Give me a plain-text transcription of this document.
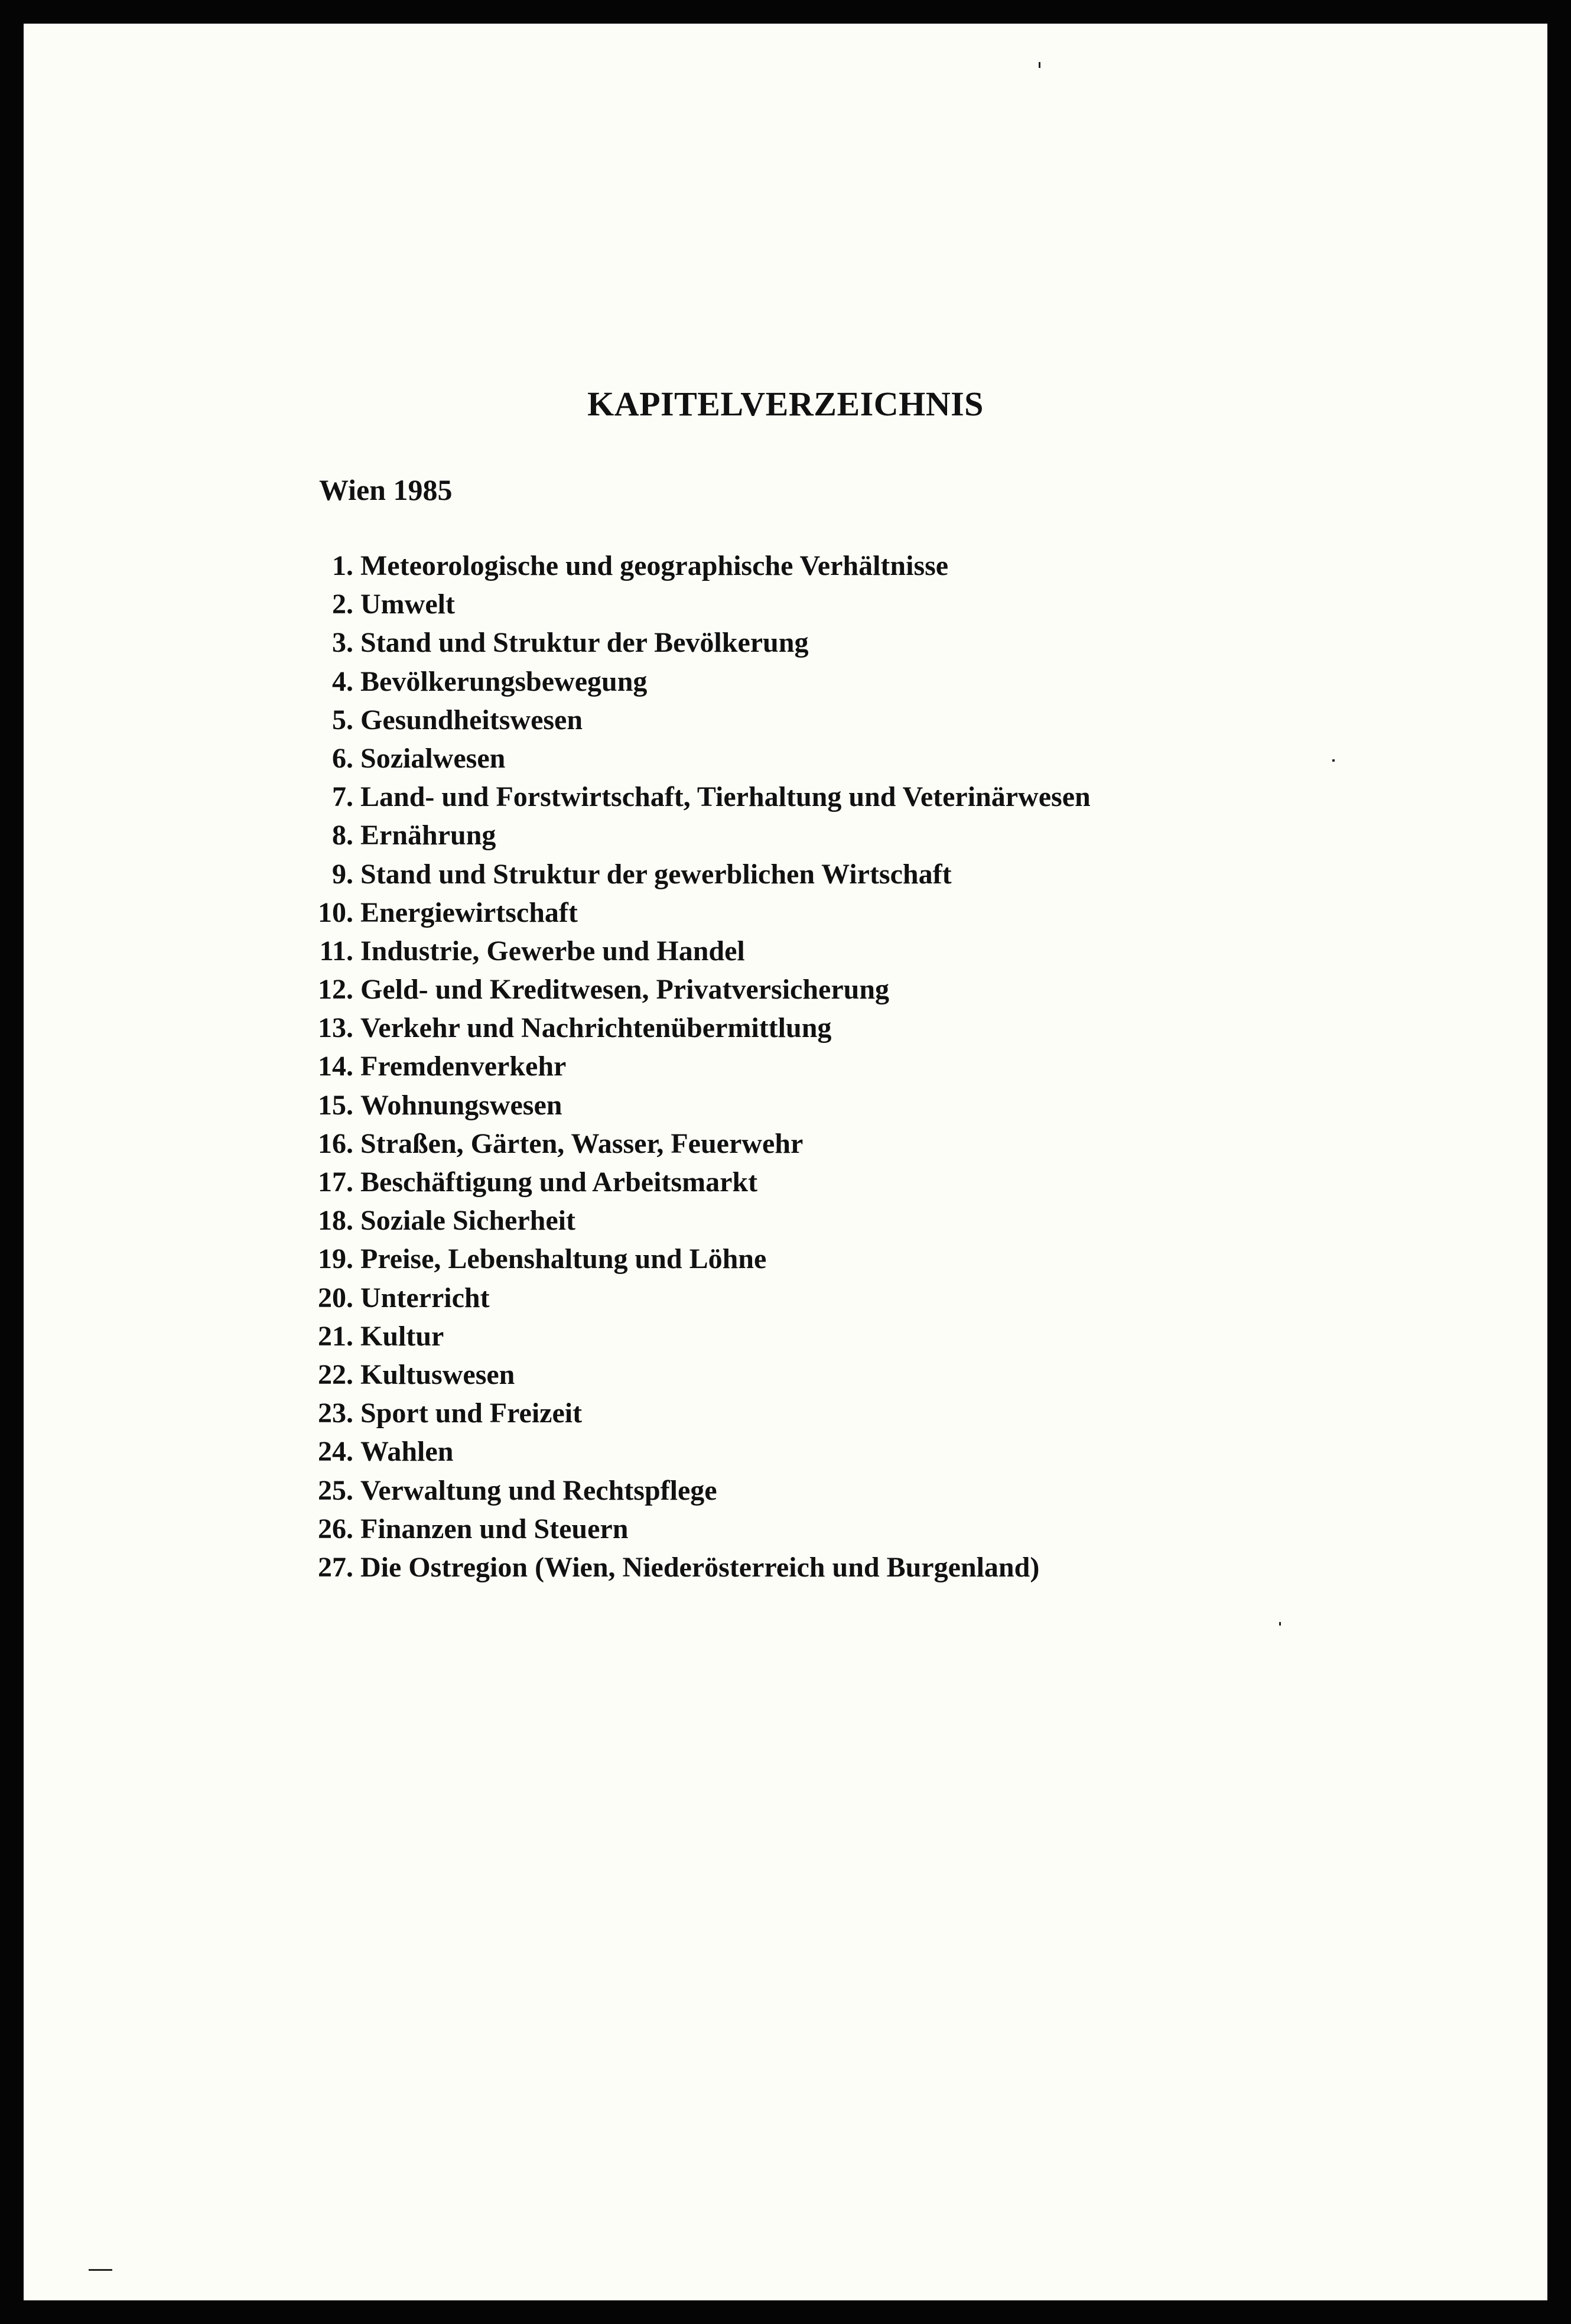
KAPITELVERZEICHNIS

Wien 1985

1. Meteorologische und geographische Verhältnisse
2. Umwelt
3. Stand und Struktur der Bevölkerung
4. Bevölkerungsbewegung
5. Gesundheitswesen
6. Sozialwesen
7. Land- und Forstwirtschaft, Tierhaltung und Veterinärwesen
8. Ernährung
9. Stand und Struktur der gewerblichen Wirtschaft
10. Energiewirtschaft
11. Industrie, Gewerbe und Handel
12. Geld- und Kreditwesen, Privatversicherung
13. Verkehr und Nachrichtenübermittlung
14. Fremdenverkehr
15. Wohnungswesen
16. Straßen, Gärten, Wasser, Feuerwehr
17. Beschäftigung und Arbeitsmarkt
18. Soziale Sicherheit
19. Preise, Lebenshaltung und Löhne
20. Unterricht
21. Kultur
22. Kultuswesen
23. Sport und Freizeit
24. Wahlen
25. Verwaltung und Rechtspflege
26. Finanzen und Steuern
27. Die Ostregion (Wien, Niederösterreich und Burgenland)
